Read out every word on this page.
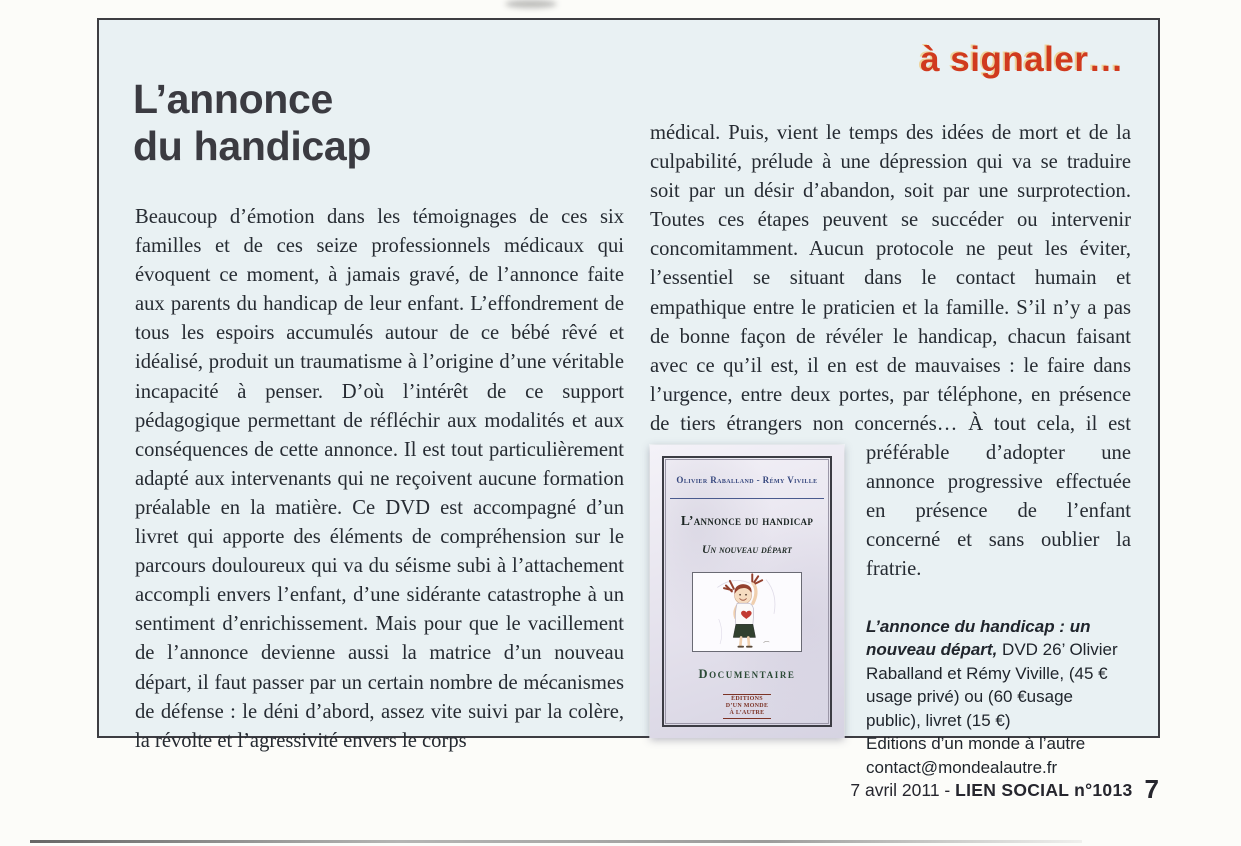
à signaler…
L’annonce
du handicap

Beaucoup d’émotion dans les témoignages de ces six familles et de ces seize professionnels médicaux qui évoquent ce moment, à jamais gravé, de l’annonce faite aux parents du handicap de leur enfant. L’effondrement de tous les espoirs accumulés autour de ce bébé rêvé et idéalisé, produit un traumatisme à l’origine d’une véritable incapacité à penser. D’où l’intérêt de ce support pédagogique permettant de réfléchir aux modalités et aux conséquences de cette annonce. Il est tout particulièrement adapté aux intervenants qui ne reçoivent aucune formation préalable en la matière. Ce DVD est accompagné d’un livret qui apporte des éléments de compréhension sur le parcours douloureux qui va du séisme subi à l’attachement accompli envers l’enfant, d’une sidérante catastrophe à un sentiment d’enrichissement. Mais pour que le vacillement de l’annonce devienne aussi la matrice d’un nouveau départ, il faut passer par un certain nombre de mécanismes de défense : le déni d’abord, assez vite suivi par la colère, la révolte et l’agressivité envers le corps

médical. Puis, vient le temps des idées de mort et de la culpabilité, prélude à une dépression qui va se traduire soit par un désir d’abandon, soit par une surprotection. Toutes ces étapes peuvent se succéder ou intervenir concomitamment. Aucun protocole ne peut les éviter, l’essentiel se situant dans le contact humain et empathique entre le praticien et la famille. S’il n’y a pas de bonne façon de révéler le handicap, chacun faisant avec ce qu’il est, il en est de mauvaises : le faire dans l’urgence, entre deux portes, par téléphone, en présence de tiers étrangers non concernés… À tout
Olivier Raballand - Rémy Viville
L’annonce du handicap
Un nouveau départ
Documentaire
ÉDITIONS
D’UN MONDE
À L’AUTRE
cela, il est préférable d’adopter une annonce progressive effectuée en présence de l’enfant concerné et sans oublier la fratrie.

L’annonce du handicap : un nouveau départ, DVD 26’ Olivier Raballand et Rémy Viville, (45 € usage privé) ou (60 €usage public), livret (15 €)

Editions d’un monde à l’autre

contact@mondealautre.fr

7 avril 2011 - LIEN SOCIAL n°1013 7
